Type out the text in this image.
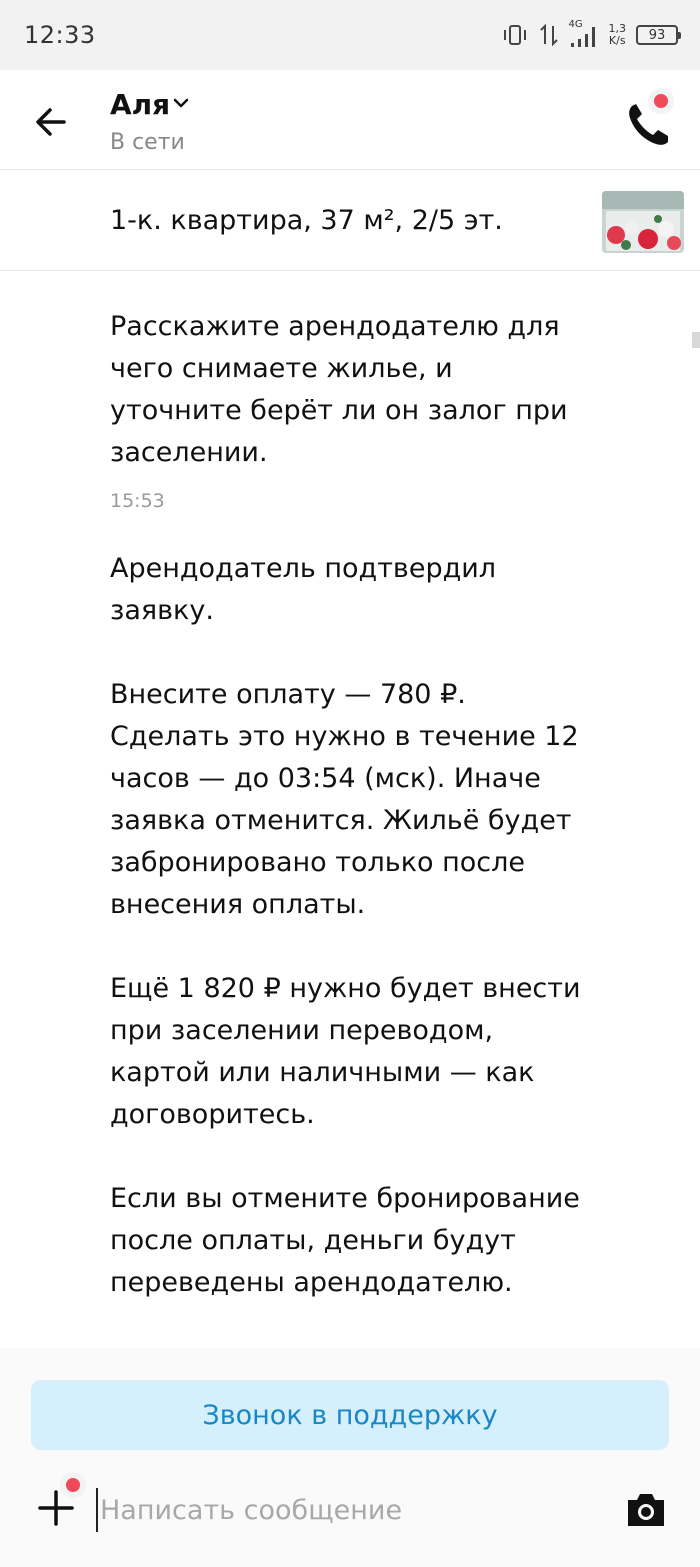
12:33	4G 1,3
K/s 93
Аля
В сети
1-к. квартира, 37 м², 2/5 эт.

Расскажите арендодателю для чего снимаете жилье, и уточните берёт ли он залог при заселении.

15:53

Арендодатель подтвердил заявку.

Внесите оплату — 780 ₽. Сделать это нужно в течение 12 часов — до 03:54 (мск). Иначе заявка отменится. Жильё будет забронировано только после внесения оплаты.

Ещё 1 820 ₽ нужно будет внести при заселении переводом, картой или наличными — как договоритесь.

Если вы отмените бронирование после оплаты, деньги будут переведены арендодателю.

Звонок в поддержку
Написать сообщение
